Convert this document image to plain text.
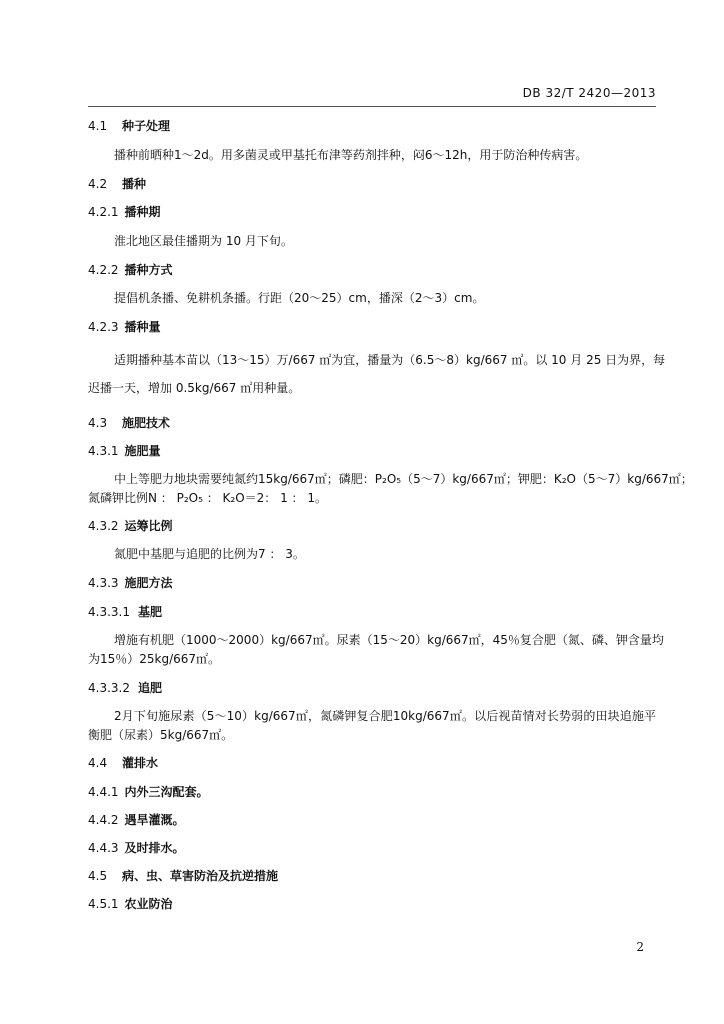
DB 32/T 2420—2013
4.1 种子处理
播种前晒种1～2d。用多菌灵或甲基托布津等药剂拌种，闷6～12h，用于防治种传病害。
4.2 播种
4.2.1 播种期
淮北地区最佳播期为 10 月下旬。
4.2.2 播种方式
提倡机条播、免耕机条播。行距（20～25）cm，播深（2～3）cm。
4.2.3 播种量
适期播种基本苗以（13～15）万/667 ㎡为宜，播量为（6.5～8）kg/667 ㎡。以 10 月 25 日为界，每
迟播一天，增加 0.5kg/667 ㎡用种量。
4.3 施肥技术
4.3.1 施肥量
中上等肥力地块需要纯氮约15kg/667㎡；磷肥：P₂O₅（5～7）kg/667㎡；钾肥：K₂O（5～7）kg/667㎡；
氮磷钾比例N ： P₂O₅ ： K₂O＝2： 1 ： 1。
4.3.2 运筹比例
氮肥中基肥与追肥的比例为7 ： 3。
4.3.3 施肥方法
4.3.3.1 基肥
增施有机肥（1000～2000）kg/667㎡。尿素（15～20）kg/667㎡，45％复合肥（氮、磷、钾含量均
为15％）25kg/667㎡。
4.3.3.2 追肥
2月下旬施尿素（5～10）kg/667㎡，氮磷钾复合肥10kg/667㎡。以后视苗情对长势弱的田块追施平
衡肥（尿素）5kg/667㎡。
4.4 灌排水
4.4.1 内外三沟配套。
4.4.2 遇旱灌溉。
4.4.3 及时排水。
4.5 病、虫、草害防治及抗逆措施
4.5.1 农业防治
2
